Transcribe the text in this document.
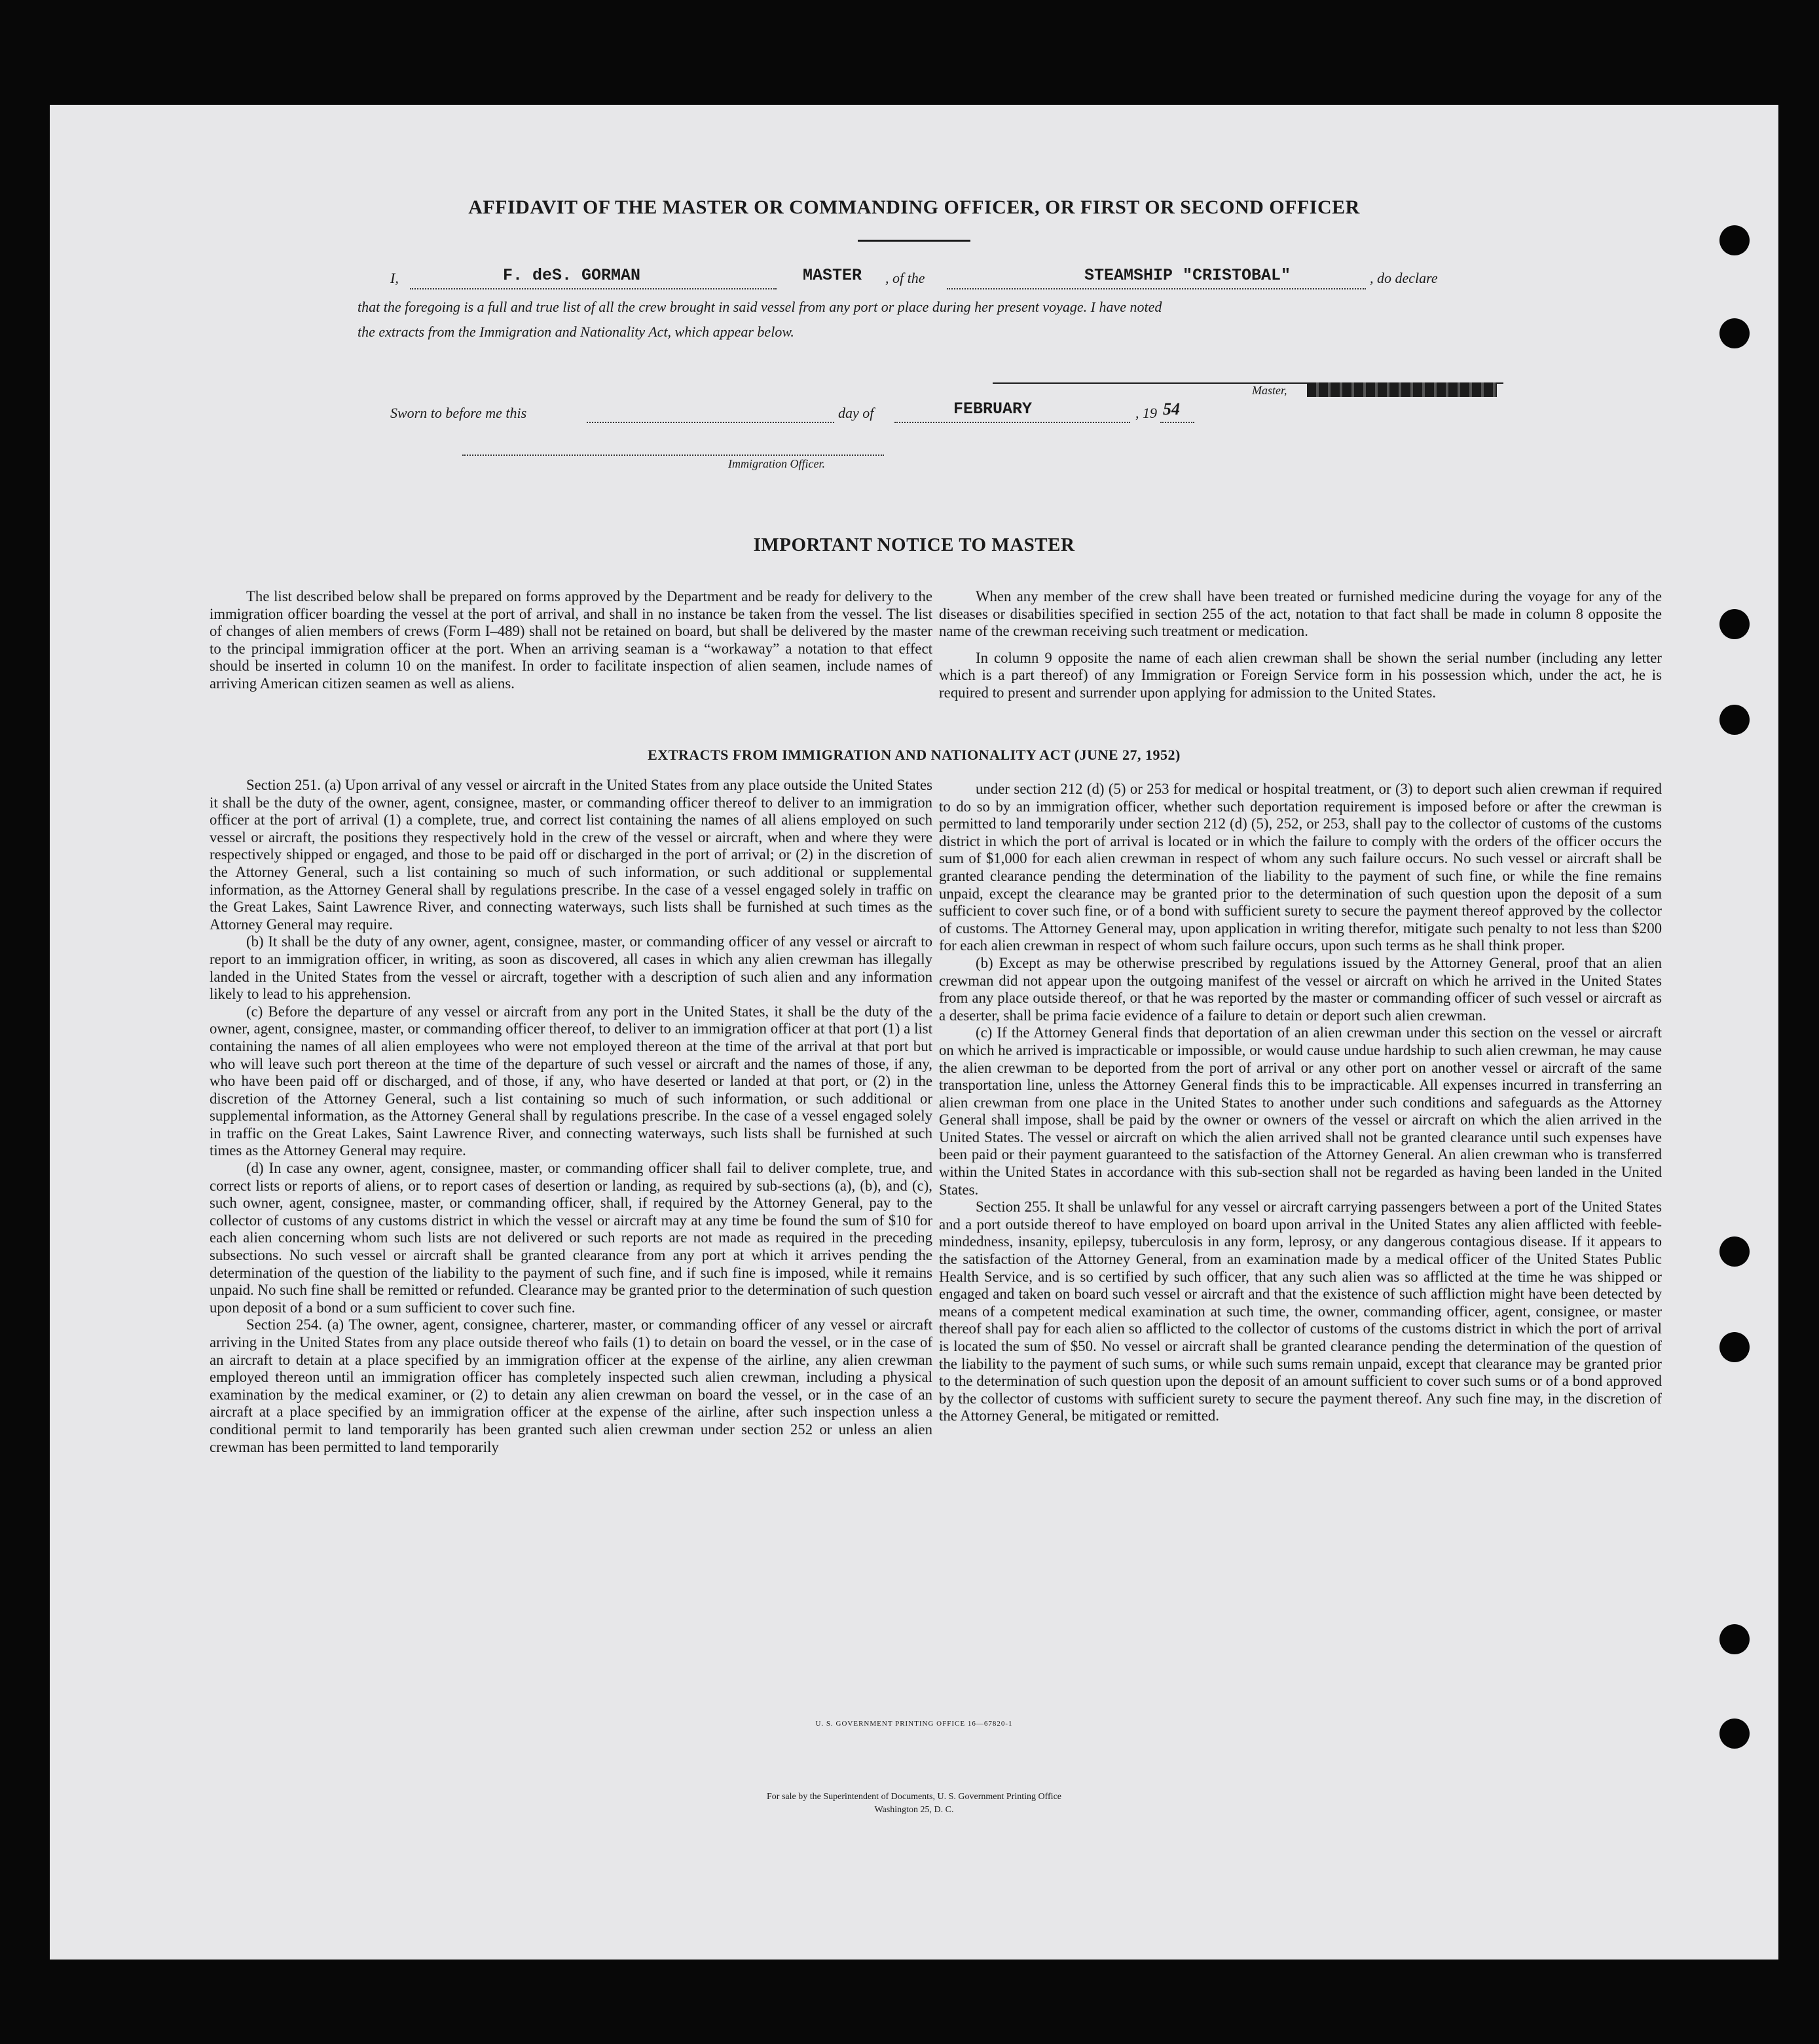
AFFIDAVIT OF THE MASTER OR COMMANDING OFFICER, OR FIRST OR SECOND OFFICER
I,	F. deS. GORMAN	MASTER , of the	STEAMSHIP "CRISTOBAL"	, do declare
that the foregoing is a full and true list of all the crew brought in said vessel from any port or place during her present voyage. I have noted
the extracts from the Immigration and Nationality Act, which appear below.
Master,
Sworn to before me this	day of	FEBRUARY	, 19 54
Immigration Officer.
IMPORTANT NOTICE TO MASTER

The list described below shall be prepared on forms approved by the Department and be ready for delivery to the immigration officer boarding the vessel at the port of arrival, and shall in no instance be taken from the vessel. The list of changes of alien members of crews (Form I–489) shall not be retained on board, but shall be delivered by the master to the principal immigration officer at the port. When an arriving seaman is a “workaway” a notation to that effect should be inserted in column 10 on the manifest. In order to facilitate inspection of alien seamen, include names of arriving American citizen seamen as well as aliens.

When any member of the crew shall have been treated or furnished medicine during the voyage for any of the diseases or disabilities specified in section 255 of the act, notation to that fact shall be made in column 8 opposite the name of the crewman receiving such treatment or medication.

In column 9 opposite the name of each alien crewman shall be shown the serial number (including any letter which is a part thereof) of any Immigration or Foreign Service form in his possession which, under the act, he is required to present and surrender upon applying for admission to the United States.

EXTRACTS FROM IMMIGRATION AND NATIONALITY ACT (JUNE 27, 1952)

Section 251. (a) Upon arrival of any vessel or aircraft in the United States from any place outside the United States it shall be the duty of the owner, agent, consignee, master, or commanding officer thereof to deliver to an immigration officer at the port of arrival (1) a complete, true, and correct list containing the names of all aliens employed on such vessel or aircraft, the positions they respectively hold in the crew of the vessel or aircraft, when and where they were respectively shipped or engaged, and those to be paid off or discharged in the port of arrival; or (2) in the discretion of the Attorney General, such a list containing so much of such information, or such additional or supplemental information, as the Attorney General shall by regulations prescribe. In the case of a vessel engaged solely in traffic on the Great Lakes, Saint Lawrence River, and connecting waterways, such lists shall be furnished at such times as the Attorney General may require.

(b) It shall be the duty of any owner, agent, consignee, master, or commanding officer of any vessel or aircraft to report to an immigration officer, in writing, as soon as discovered, all cases in which any alien crewman has illegally landed in the United States from the vessel or aircraft, together with a description of such alien and any information likely to lead to his apprehension.

(c) Before the departure of any vessel or aircraft from any port in the United States, it shall be the duty of the owner, agent, consignee, master, or commanding officer thereof, to deliver to an immigration officer at that port (1) a list containing the names of all alien employees who were not employed thereon at the time of the arrival at that port but who will leave such port thereon at the time of the departure of such vessel or aircraft and the names of those, if any, who have been paid off or discharged, and of those, if any, who have deserted or landed at that port, or (2) in the discretion of the Attorney General, such a list containing so much of such information, or such additional or supplemental information, as the Attorney General shall by regulations prescribe. In the case of a vessel engaged solely in traffic on the Great Lakes, Saint Lawrence River, and connecting waterways, such lists shall be furnished at such times as the Attorney General may require.

(d) In case any owner, agent, consignee, master, or commanding officer shall fail to deliver complete, true, and correct lists or reports of aliens, or to report cases of desertion or landing, as required by sub-sections (a), (b), and (c), such owner, agent, consignee, master, or commanding officer, shall, if required by the Attorney General, pay to the collector of customs of any customs district in which the vessel or aircraft may at any time be found the sum of $10 for each alien concerning whom such lists are not delivered or such reports are not made as required in the preceding subsections. No such vessel or aircraft shall be granted clearance from any port at which it arrives pending the determination of the question of the liability to the payment of such fine, and if such fine is imposed, while it remains unpaid. No such fine shall be remitted or refunded. Clearance may be granted prior to the determination of such question upon deposit of a bond or a sum sufficient to cover such fine.

Section 254. (a) The owner, agent, consignee, charterer, master, or commanding officer of any vessel or aircraft arriving in the United States from any place outside thereof who fails (1) to detain on board the vessel, or in the case of an aircraft to detain at a place specified by an immigration officer at the expense of the airline, any alien crewman employed thereon until an immigration officer has completely inspected such alien crewman, including a physical examination by the medical examiner, or (2) to detain any alien crewman on board the vessel, or in the case of an aircraft at a place specified by an immigration officer at the expense of the airline, after such inspection unless a conditional permit to land temporarily has been granted such alien crewman under section 252 or unless an alien crewman has been permitted to land temporarily

under section 212 (d) (5) or 253 for medical or hospital treatment, or (3) to deport such alien crewman if required to do so by an immigration officer, whether such deportation requirement is imposed before or after the crewman is permitted to land temporarily under section 212 (d) (5), 252, or 253, shall pay to the collector of customs of the customs district in which the port of arrival is located or in which the failure to comply with the orders of the officer occurs the sum of $1,000 for each alien crewman in respect of whom any such failure occurs. No such vessel or aircraft shall be granted clearance pending the determination of the liability to the payment of such fine, or while the fine remains unpaid, except the clearance may be granted prior to the determination of such question upon the deposit of a sum sufficient to cover such fine, or of a bond with sufficient surety to secure the payment thereof approved by the collector of customs. The Attorney General may, upon application in writing therefor, mitigate such penalty to not less than $200 for each alien crewman in respect of whom such failure occurs, upon such terms as he shall think proper.

(b) Except as may be otherwise prescribed by regulations issued by the Attorney General, proof that an alien crewman did not appear upon the outgoing manifest of the vessel or aircraft on which he arrived in the United States from any place outside thereof, or that he was reported by the master or commanding officer of such vessel or aircraft as a deserter, shall be prima facie evidence of a failure to detain or deport such alien crewman.

(c) If the Attorney General finds that deportation of an alien crewman under this section on the vessel or aircraft on which he arrived is impracticable or impossible, or would cause undue hardship to such alien crewman, he may cause the alien crewman to be deported from the port of arrival or any other port on another vessel or aircraft of the same transportation line, unless the Attorney General finds this to be impracticable. All expenses incurred in transferring an alien crewman from one place in the United States to another under such conditions and safeguards as the Attorney General shall impose, shall be paid by the owner or owners of the vessel or aircraft on which the alien arrived in the United States. The vessel or aircraft on which the alien arrived shall not be granted clearance until such expenses have been paid or their payment guaranteed to the satisfaction of the Attorney General. An alien crewman who is transferred within the United States in accordance with this sub-section shall not be regarded as having been landed in the United States.

Section 255. It shall be unlawful for any vessel or aircraft carrying passengers between a port of the United States and a port outside thereof to have employed on board upon arrival in the United States any alien afflicted with feeble-mindedness, insanity, epilepsy, tuberculosis in any form, leprosy, or any dangerous contagious disease. If it appears to the satisfaction of the Attorney General, from an examination made by a medical officer of the United States Public Health Service, and is so certified by such officer, that any such alien was so afflicted at the time he was shipped or engaged and taken on board such vessel or aircraft and that the existence of such affliction might have been detected by means of a competent medical examination at such time, the owner, commanding officer, agent, consignee, or master thereof shall pay for each alien so afflicted to the collector of customs of the customs district in which the port of arrival is located the sum of $50. No vessel or aircraft shall be granted clearance pending the determination of the question of the liability to the payment of such sums, or while such sums remain unpaid, except that clearance may be granted prior to the determination of such question upon the deposit of an amount sufficient to cover such sums or of a bond approved by the collector of customs with sufficient surety to secure the payment thereof. Any such fine may, in the discretion of the Attorney General, be mitigated or remitted.

U. S. GOVERNMENT PRINTING OFFICE 16—67820-1
For sale by the Superintendent of Documents, U. S. Government Printing Office
Washington 25, D. C.
